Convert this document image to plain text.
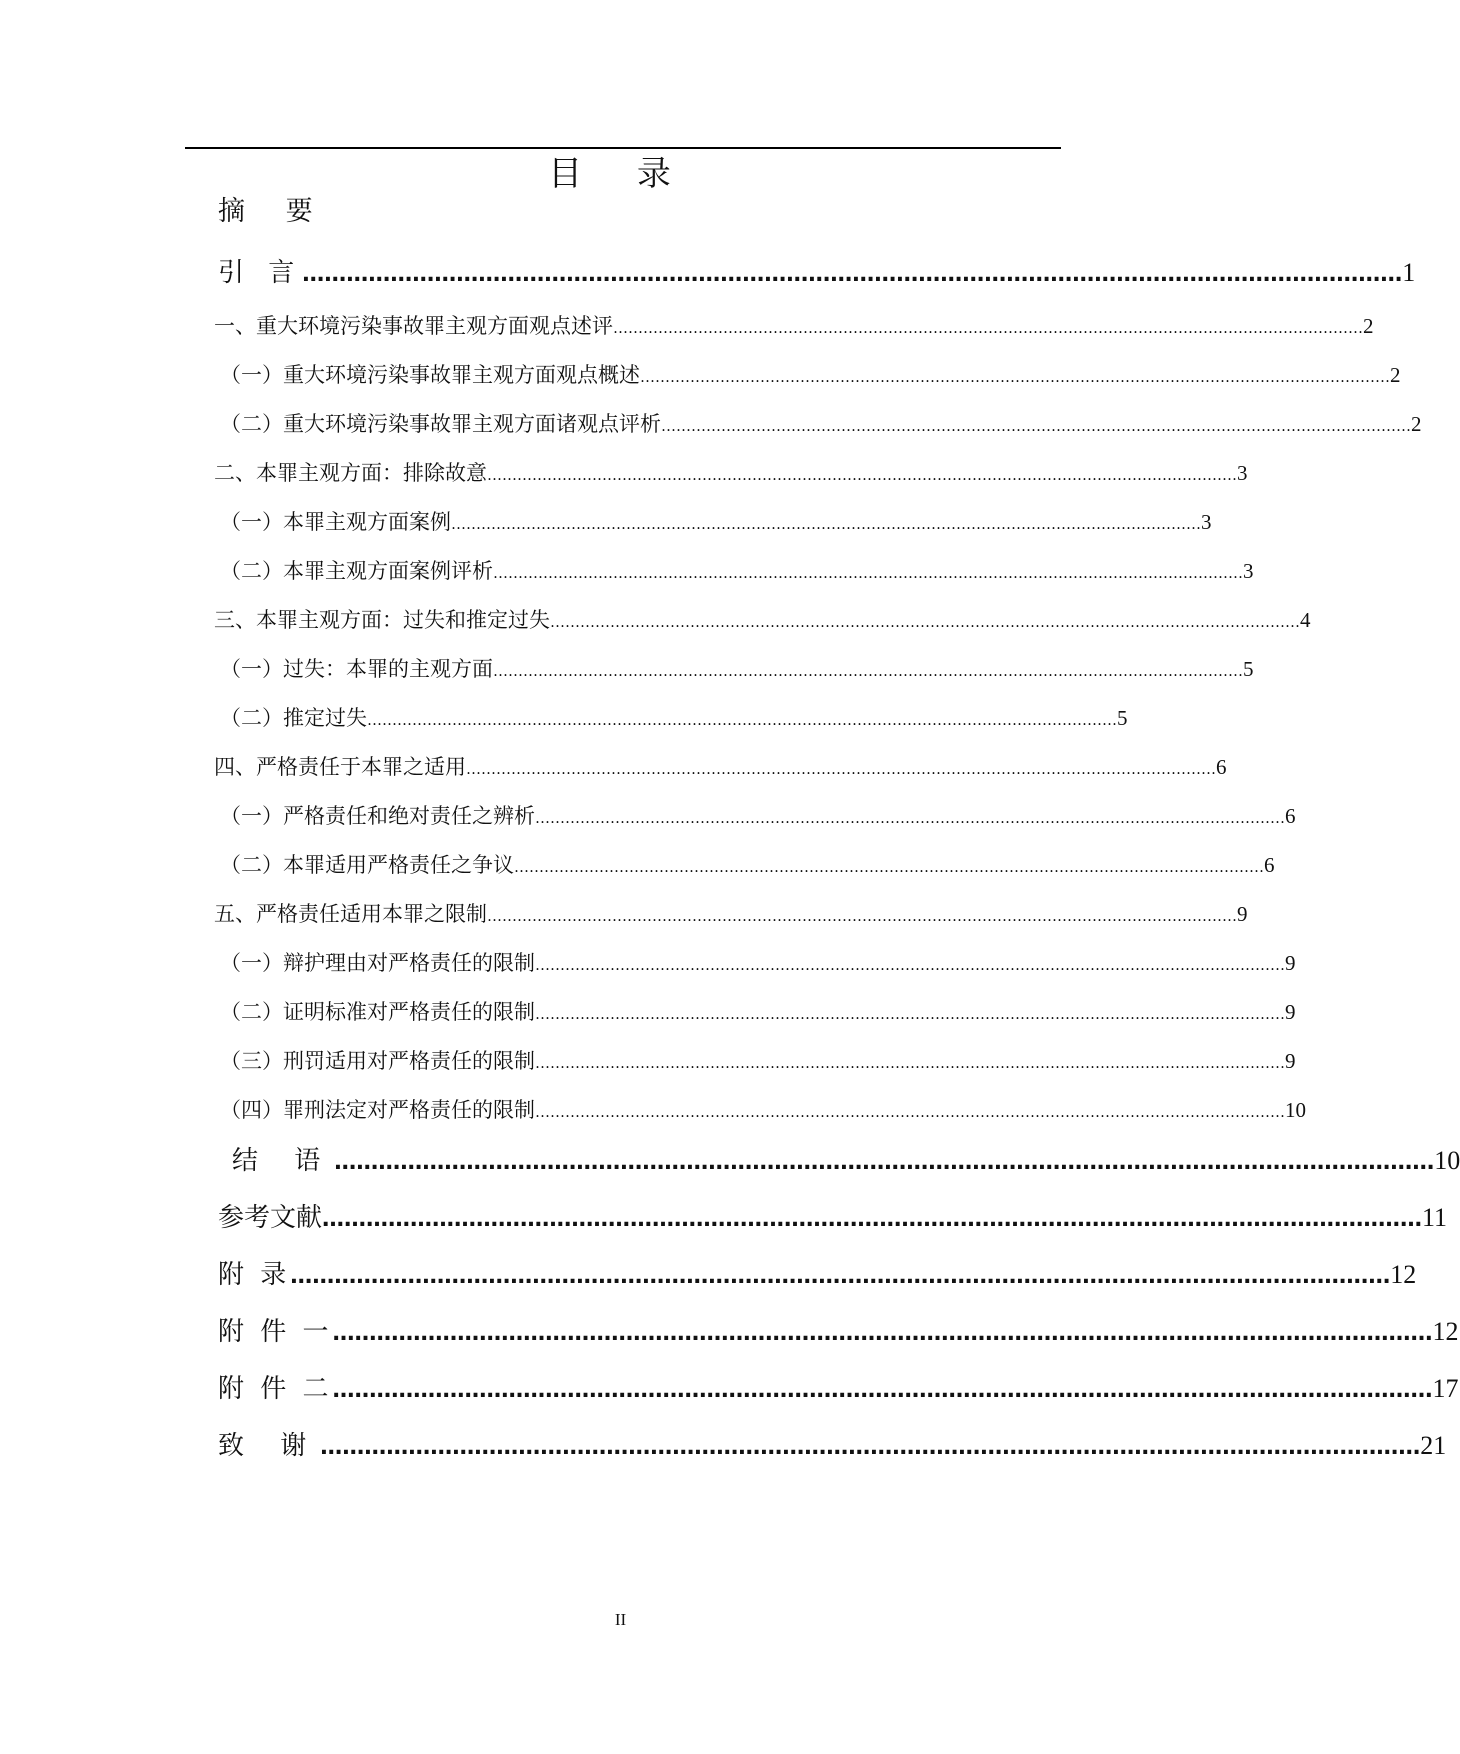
目 录
摘 要
引 言 …………………………………………………………………………………………………………………………………… 1
一、重大环境污染事故罪主观方面观点述评 …………………………………………………………………………………………………………………………………… 2
（一）重大环境污染事故罪主观方面观点概述 …………………………………………………………………………………………………………………………………… 2
（二）重大环境污染事故罪主观方面诸观点评析 …………………………………………………………………………………………………………………………………… 2
二、本罪主观方面：排除故意 …………………………………………………………………………………………………………………………………… 3
（一）本罪主观方面案例 …………………………………………………………………………………………………………………………………… 3
（二）本罪主观方面案例评析 …………………………………………………………………………………………………………………………………… 3
三、本罪主观方面：过失和推定过失 …………………………………………………………………………………………………………………………………… 4
（一）过失：本罪的主观方面 …………………………………………………………………………………………………………………………………… 5
（二）推定过失 …………………………………………………………………………………………………………………………………… 5
四、严格责任于本罪之适用 …………………………………………………………………………………………………………………………………… 6
（一）严格责任和绝对责任之辨析 …………………………………………………………………………………………………………………………………… 6
（二）本罪适用严格责任之争议 …………………………………………………………………………………………………………………………………… 6
五、严格责任适用本罪之限制 …………………………………………………………………………………………………………………………………… 9
（一）辩护理由对严格责任的限制 …………………………………………………………………………………………………………………………………… 9
（二）证明标准对严格责任的限制 …………………………………………………………………………………………………………………………………… 9
（三）刑罚适用对严格责任的限制 …………………………………………………………………………………………………………………………………… 9
（四）罪刑法定对严格责任的限制 …………………………………………………………………………………………………………………………………… 10
结 语 …………………………………………………………………………………………………………………………………… 10
参考文献 …………………………………………………………………………………………………………………………………… 11
附 录 …………………………………………………………………………………………………………………………………… 12
附 件 一 …………………………………………………………………………………………………………………………………… 12
附 件 二 …………………………………………………………………………………………………………………………………… 17
致 谢 …………………………………………………………………………………………………………………………………… 21
II
